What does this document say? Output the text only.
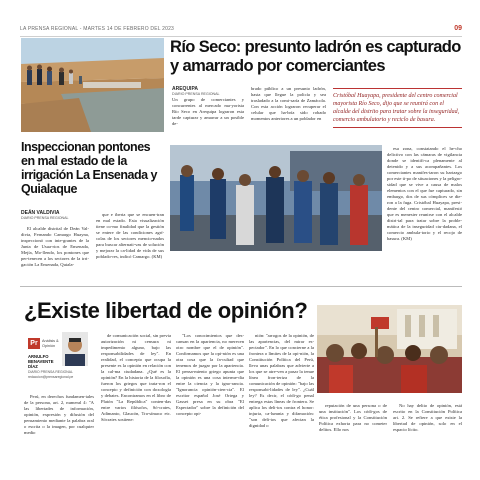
LA PRENSA REGIONAL - MARTES 14 DE FEBRERO DEL 2023	09
Río Seco: presunto ladrón es capturado
y amarrado por comerciantes
AREQUIPA
DIARIO PRENSA REGIONAL

Un grupo de comerciantes y concurrentes al mercado ma-yorista Río Seco en Arequipa lograron esta tarde capturar y amarrar a un posible de-

brado público a un presunto ladrón, hasta que llegue la policía y sea trasladado a la comi-saría de Zamácola. Con esta acción lograron recuperar el celular que ha-bría sido robado momentos anteriores a un poblador en

Cristóbal Huayapa, presidente del centro comercial mayorista Río Seco, dijo que se reunirá con el alcalde del distrito para tratar sobre la inseguridad, comercio ambulatorio y reciclo de basura.

esa zona, constatando el he-cho delictivo con las cámaras de vigilancia donde se identifi-ca plenamente al detenido y a sus acompañantes. Los comerciantes manifes-taron su hartazgo por este ti-po de situaciones y la peligro-sidad que se vive a causa de malos elementos con el que fue capturado, sin embargo, dos de sus cómplices se die-ron a la fuga. Cristóbal Huayapa, presi-dente del centro comercial, manifestó que es menester reunirse con el alcalde distri-tal para tratar sobre la proble-mática de la inseguridad ciu-dadana, el comercio ambula-torio y el recojo de basura. (KM)

Inspeccionan pontones en mal estado de la irrigación La Ensenada y Quialaque
DEÁN VALDIVIA
DIARIO PRENSA REGIONAL

El alcalde distrital de Deán Val-divia, Fernando Camargo Huayna, inspeccionó con inte-grantes de la Junta de Usua-rios de Ensenada, Mejía, Mo-llendo, los pontones que per-tenecen a los sectores de la irri-gación La Ensenada, Quiala-

que e iberia que se encuen-tran en mal estado. Esta visualización tiene co-mo finalidad que la gestión se entere de las condiciones agrí-colas de los sectores mencio-nados para buscar alternati-vas de solución y mejorar la ca-lidad de vida de sus poblado-res, indicó Camargo. (KM)

¿Existe libertad de opinión?
Pr	Análisis & Opinión
ARNULFO BENAVENTE DÍAZ
DIARIO PRENSA REGIONAL
redaccion@prensaregional.pe

Perú, en derechos fundamen-tales de la persona, art. 2, numeral 4: "A las libertades de información, opinión, expresión y difusión del pensamiento mediante la palabra oral o escrita o la imagen, por cualquier medio

de comunicación social, sin previa autorización ni censura ni impedimento alguno, bajo las responsabilidades de ley". En realidad, el concepto que ocupa la presente es la opinión en relación con la cal-ma ciudadana. ¿Qué es la opinión? En la historia de la filosofía, fueron los griegos que trata-ron el concepto y definición con doxología y debates. Encontramos en el libro de Platón "La República" conten-das entre varios filósofos, Só-crates, Adimanto, Glaucón, Tra-símaco etc. Sócrates sostiene:

"Los conocimientos que des-cansan en la apariencia, no merecen otro nombre que el de opinión". Confirmamos que la opi-nión es una otra cosa que la fa-cultad que tenemos de juzgar por la apariencia. El pensa-miento griego apunta que la opinión es una cosa interme-dia entre la ciencia y la igno-rancia. "Ignorancia opinión-cien-cia". El escritor español José Ortega y Gasset presa en su obra "El Espectador" sobre la definición del concepto opi-

nión: "arrogos de la opinión, de las apariencias, del mirar es-pectador". En lo que concierne a la frontera o límites de la opi-nión, la Constitución Política del Perú, lleva unas palabras que advierte a los que se atre-ven a pasar la tenue línea fron-teriza de la comunicación de opinión: "bajo las responsabi-lidades de ley". ¿Cuál ley? Es decir, el códi-go penal entrega estas líneas de frontera. Se aplica los deli-tos contra el honor: injuria, ca-lumnia y difamación: "son deli-tos que afectan la dignidad o

reputación de una persona o de una institución". Los códi-gos de ética profesional y la Constitución Política exhorta para no cometer delitos. Ello nos

No hay delito de opinión, está escrito en la Constitución Política art. 2. Se refiere a que existe la libertad de opinión, solo en el espacio lícito.
